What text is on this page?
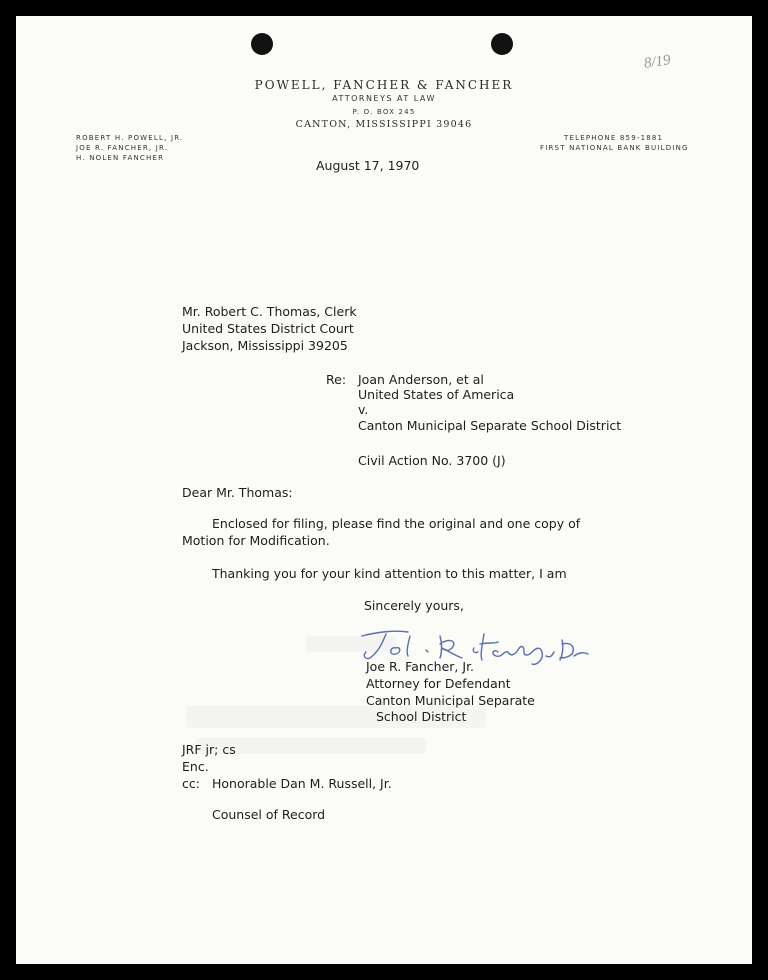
8/19
POWELL, FANCHER & FANCHER
ATTORNEYS AT LAW
P. O. BOX 245
CANTON, MISSISSIPPI 39046
ROBERT H. POWELL, JR.
JOE R. FANCHER, JR.
H. NOLEN FANCHER
TELEPHONE 859-1881
FIRST NATIONAL BANK BUILDING
August 17, 1970
Mr. Robert C. Thomas, Clerk
United States District Court
Jackson, Mississippi 39205
Re: Joan Anderson, et al
United States of America
v.
Canton Municipal Separate School District
Civil Action No. 3700 (J)
Dear Mr. Thomas:
Enclosed for filing, please find the original and one copy of
Motion for Modification.
Thanking you for your kind attention to this matter, I am
Sincerely yours,
Joe R. Fancher, Jr.
Attorney for Defendant
Canton Municipal Separate
School District
JRF jr; cs
Enc.
cc: Honorable Dan M. Russell, Jr.
Counsel of Record
